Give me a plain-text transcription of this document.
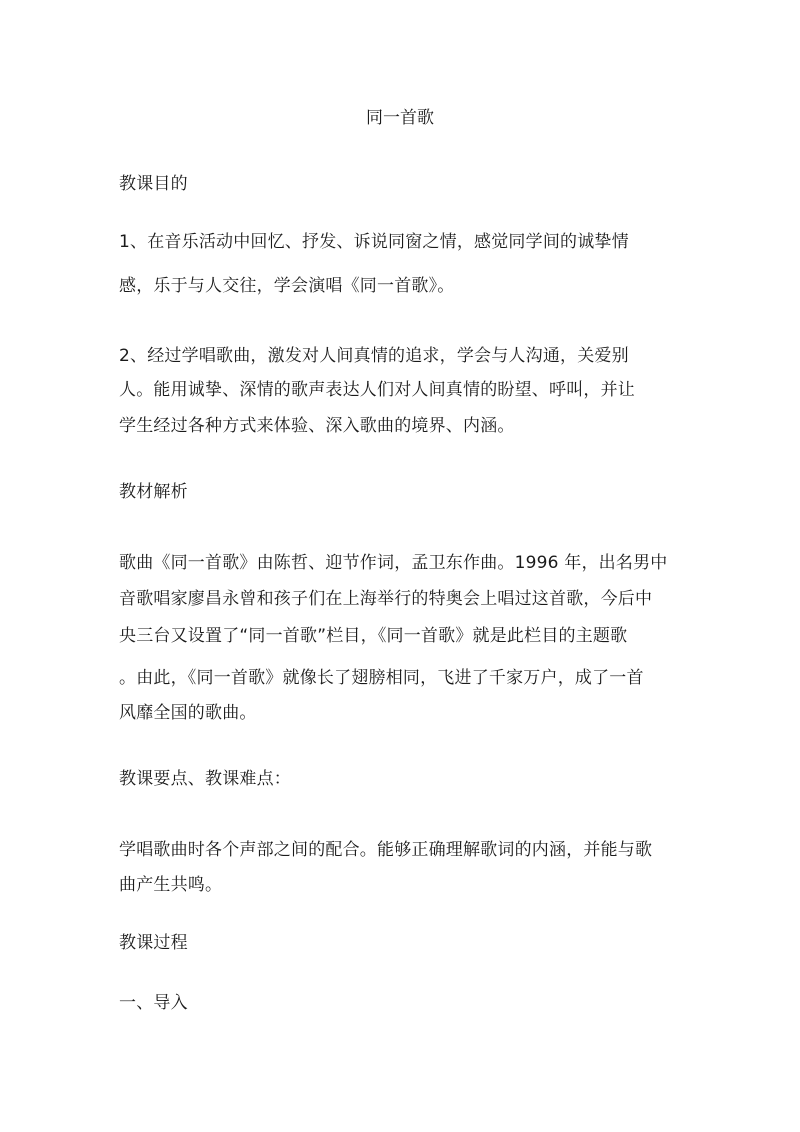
同一首歌
教课目的
1、在音乐活动中回忆、抒发、诉说同窗之情，感觉同学间的诚挚情
感，乐于与人交往，学会演唱《同一首歌》。
2、经过学唱歌曲，激发对人间真情的追求，学会与人沟通，关爱别
人。能用诚挚、深情的歌声表达人们对人间真情的盼望、呼叫，并让
学生经过各种方式来体验、深入歌曲的境界、内涵。
教材解析
歌曲《同一首歌》由陈哲、迎节作词，孟卫东作曲。1996 年，出名男中
音歌唱家廖昌永曾和孩子们在上海举行的特奥会上唱过这首歌，今后中
央三台又设置了“同一首歌”栏目，《同一首歌》就是此栏目的主题歌
。由此，《同一首歌》就像长了翅膀相同，飞进了千家万户，成了一首
风靡全国的歌曲。
教课要点、教课难点：
学唱歌曲时各个声部之间的配合。能够正确理解歌词的内涵，并能与歌
曲产生共鸣。
教课过程
一、导入
